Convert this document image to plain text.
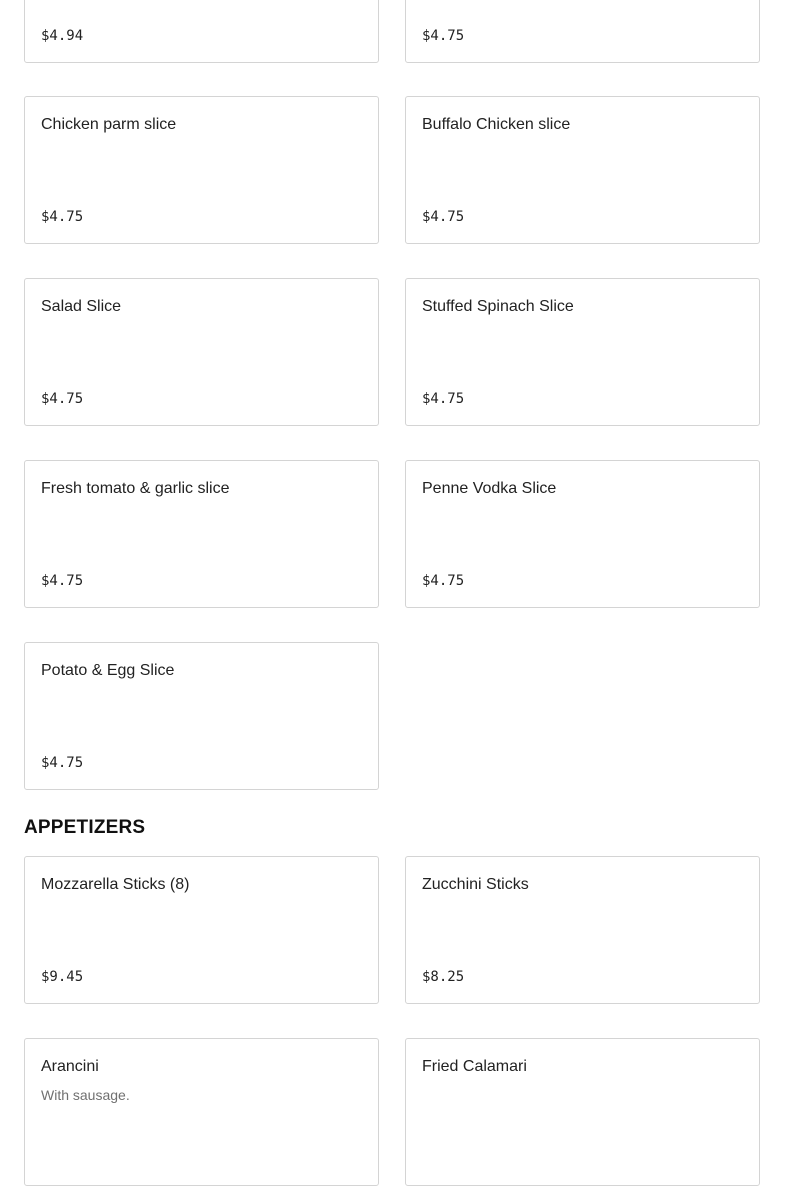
$4.94	$4.75
Chicken parm slice
$4.75
Buffalo Chicken slice
$4.75
Salad Slice
$4.75
Stuffed Spinach Slice
$4.75
Fresh tomato & garlic slice
$4.75
Penne Vodka Slice
$4.75
Potato & Egg Slice
$4.75
APPETIZERS
Mozzarella Sticks (8)
$9.45
Zucchini Sticks
$8.25
Arancini
With sausage.
Fried Calamari
